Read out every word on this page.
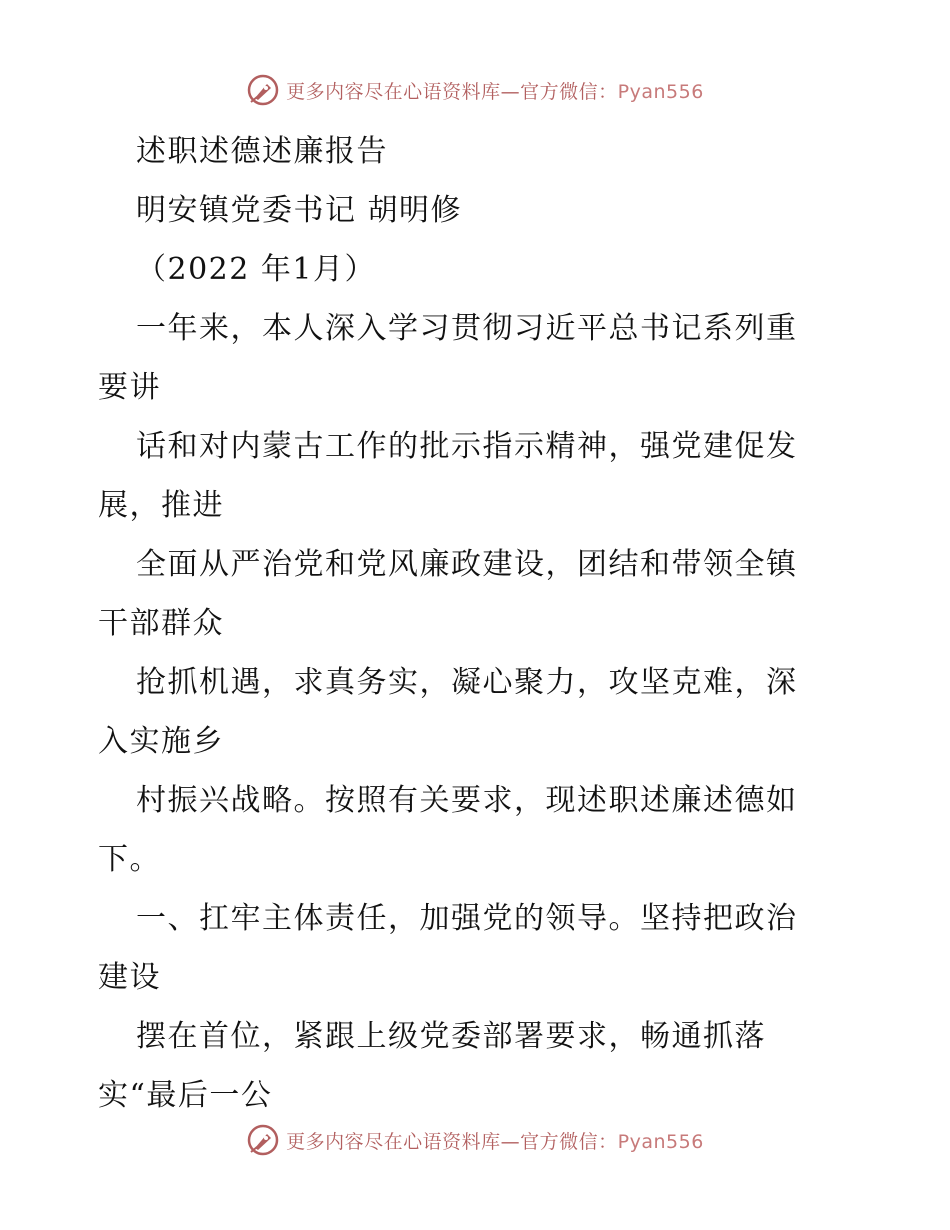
更多内容尽在心语资料库—官方微信：Pyan556
述职述德述廉报告
明安镇党委书记 胡明修
（2022 年1月）
一年来，本人深入学习贯彻习近平总书记系列重
要讲
话和对内蒙古工作的批示指示精神，强党建促发
展，推进
全面从严治党和党风廉政建设，团结和带领全镇
干部群众
抢抓机遇，求真务实，凝心聚力，攻坚克难，深
入实施乡
村振兴战略。按照有关要求，现述职述廉述德如
下。
一、扛牢主体责任，加强党的领导。坚持把政治
建设
摆在首位，紧跟上级党委部署要求，畅通抓落
实“最后一公
更多内容尽在心语资料库—官方微信：Pyan556
